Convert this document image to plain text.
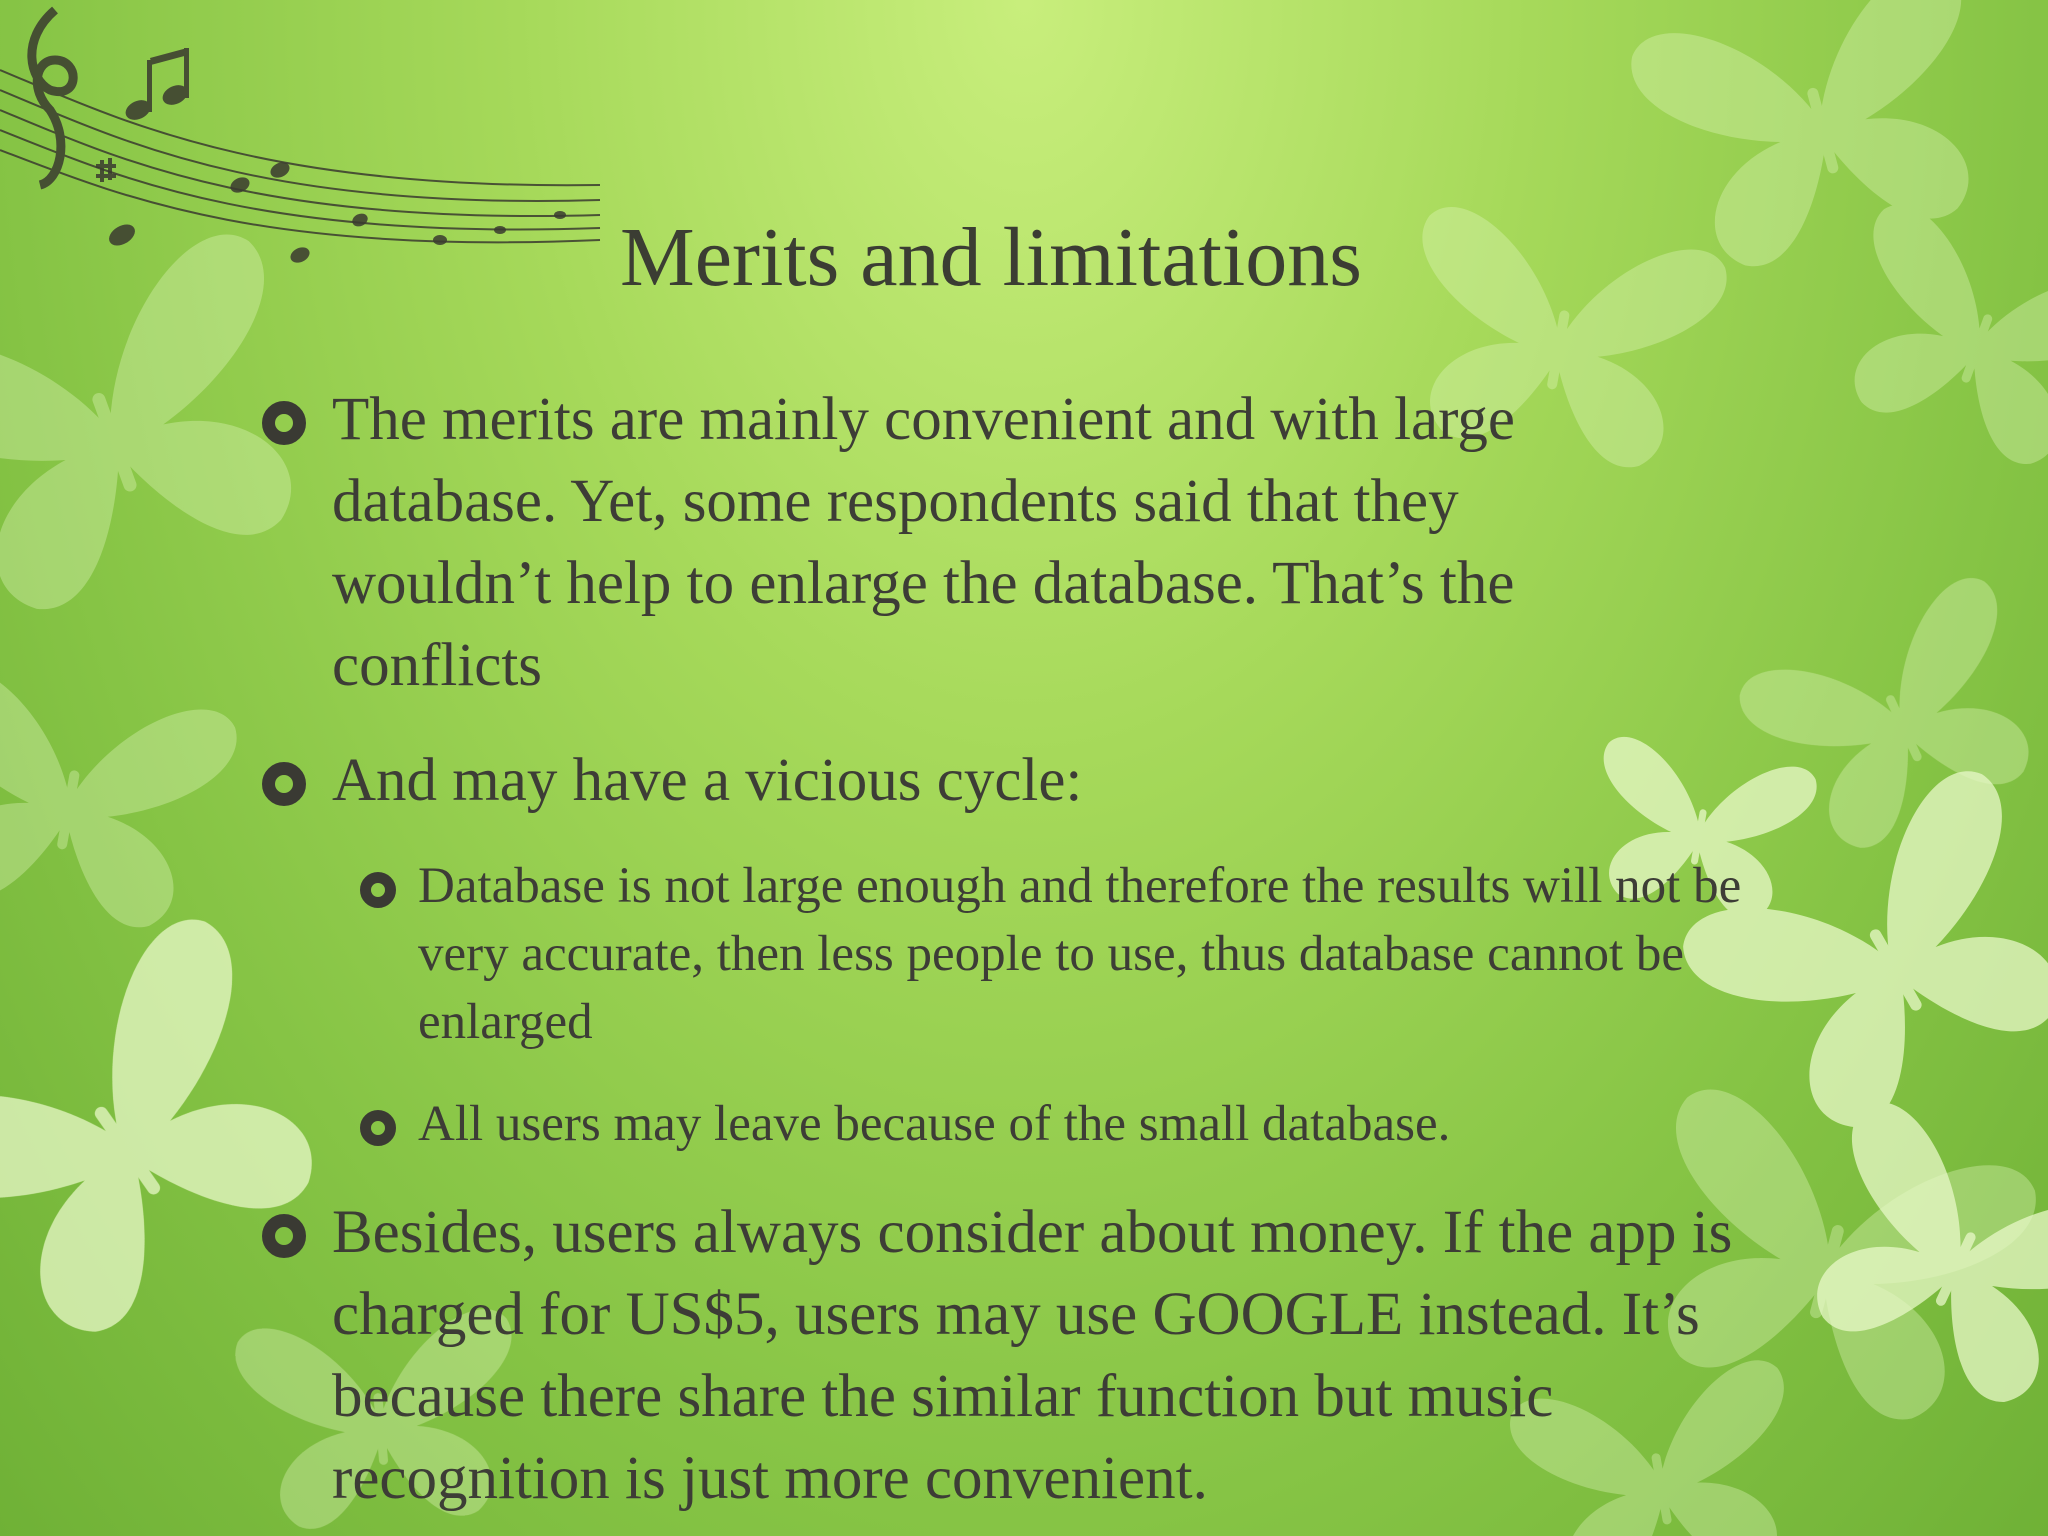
Merits and limitations
The merits are mainly convenient and with large database. Yet, some respondents said that they wouldn’t help to enlarge the database. That’s the conflicts
And may have a vicious cycle:
Database is not large enough and therefore the results will not be very accurate, then less people to use, thus database cannot be enlarged
All users may leave because of the small database.
Besides, users always consider about money. If the app is charged for US$5, users may use GOOGLE instead. It’s because there share the similar function but music recognition is just more convenient.
